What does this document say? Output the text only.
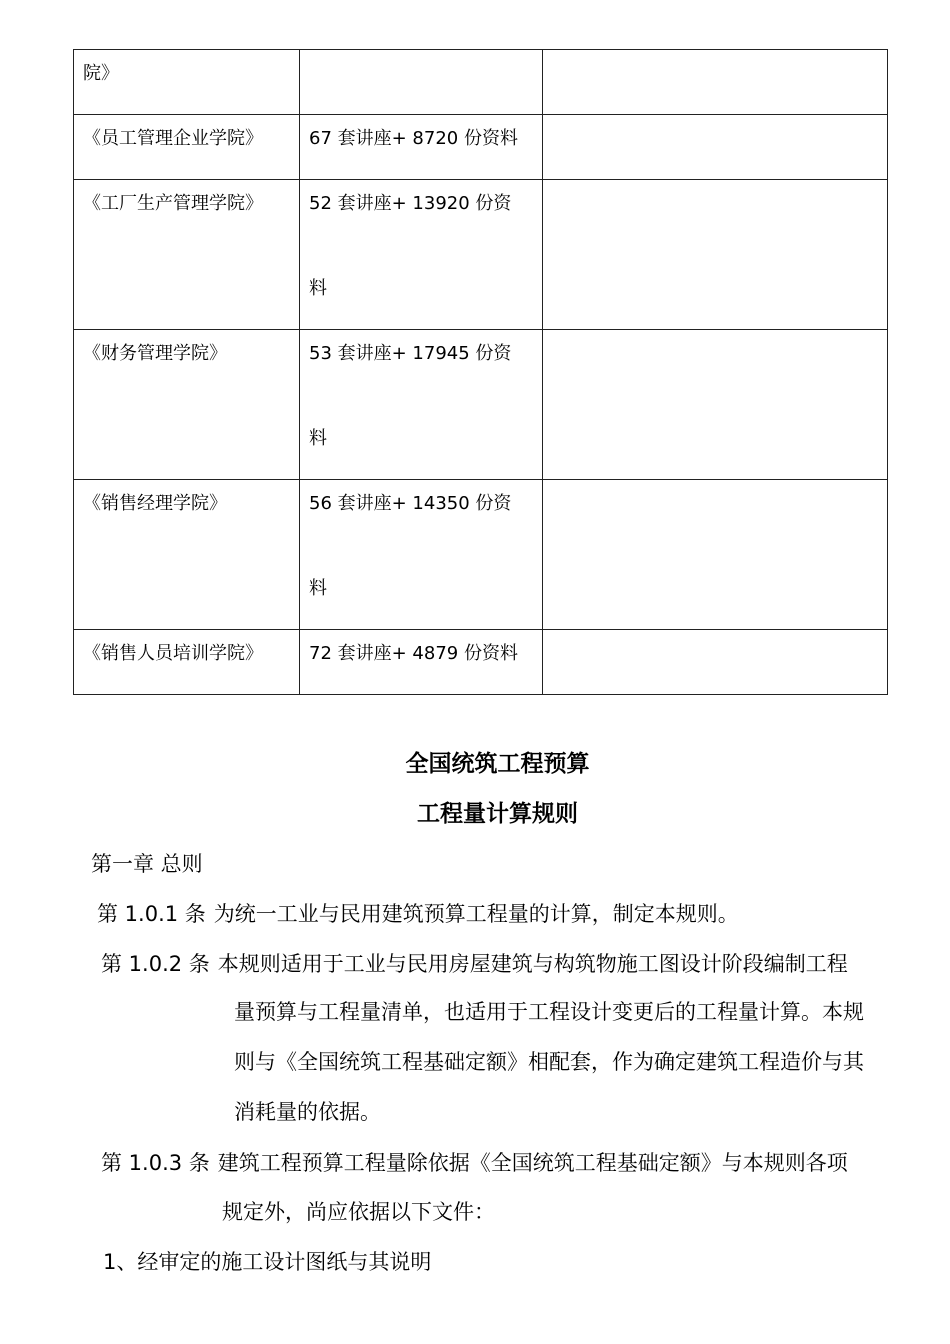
院》		

《员工管理企业学院》	67 套讲座+ 8720 份资料	

《工厂生产管理学院》	52 套讲座+ 13920 份资
料	

《财务管理学院》	53 套讲座+ 17945 份资
料	

《销售经理学院》	56 套讲座+ 14350 份资
料	

《销售人员培训学院》	72 套讲座+ 4879 份资料	

全国统筑工程预算
工程量计算规则
第一章 总则
第 1.0.1 条 为统一工业与民用建筑预算工程量的计算，制定本规则。
第 1.0.2 条 本规则适用于工业与民用房屋建筑与构筑物施工图设计阶段编制工程
量预算与工程量清单，也适用于工程设计变更后的工程量计算。本规
则与《全国统筑工程基础定额》相配套，作为确定建筑工程造价与其
消耗量的依据。
第 1.0.3 条 建筑工程预算工程量除依据《全国统筑工程基础定额》与本规则各项
规定外，尚应依据以下文件：
1、经审定的施工设计图纸与其说明
